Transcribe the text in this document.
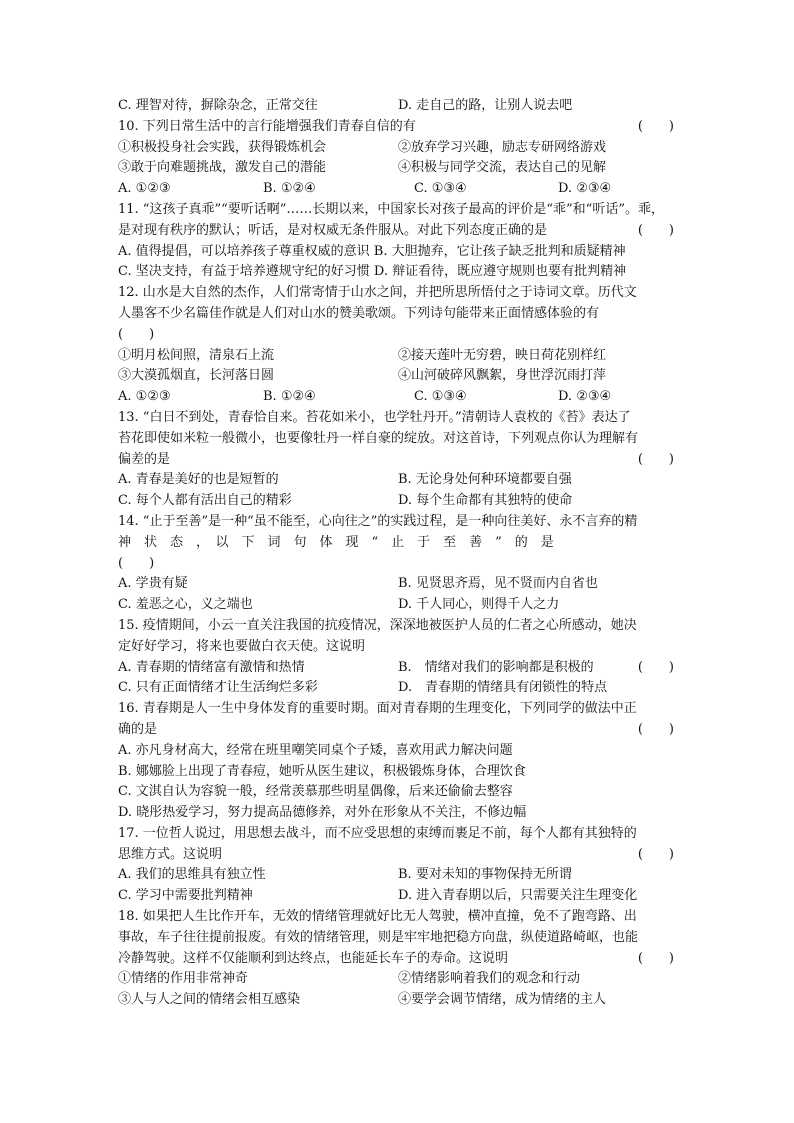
C. 理智对待，摒除杂念，正常交往	D. 走自己的路，让别人说去吧
10. 下列日常生活中的言行能增强我们青春自信的有	(　　)
①积极投身社会实践，获得锻炼机会	②放弃学习兴趣，励志专研网络游戏
③敢于向难题挑战，激发自己的潜能	④积极与同学交流，表达自己的见解
A. ①②③	B. ①②④	C. ①③④	D. ②③④
11. “这孩子真乖”“要听话啊”……长期以来，中国家长对孩子最高的评价是“乖”和“听话”。乖，
是对现有秩序的默认；听话，是对权威无条件服从。对此下列态度正确的是	(　　)
A. 值得提倡，可以培养孩子尊重权威的意识 B. 大胆抛弃，它让孩子缺乏批判和质疑精神
C. 坚决支持，有益于培养遵规守纪的好习惯 D. 辩证看待，既应遵守规则也要有批判精神
12. 山水是大自然的杰作，人们常寄情于山水之间，并把所思所悟付之于诗词文章。历代文
人墨客不少名篇佳作就是人们对山水的赞美歌颂。下列诗句能带来正面情感体验的有
(　　)
①明月松间照，清泉石上流	②接天莲叶无穷碧，映日荷花别样红
③大漠孤烟直，长河落日圆	④山河破碎风飘絮，身世浮沉雨打萍
A. ①②③	B. ①②④	C. ①③④	D. ②③④
13. “白日不到处，青春恰自来。苔花如米小，也学牡丹开。”清朝诗人袁枚的《苔》表达了
苔花即使如米粒一般微小，也要像牡丹一样自豪的绽放。对这首诗，下列观点你认为理解有
偏差的是	(　　)
A. 青春是美好的也是短暂的	B. 无论身处何种环境都要自强
C. 每个人都有活出自己的精彩	D. 每个生命都有其独特的使命
14. “止于至善”是一种“虽不能至，心向往之”的实践过程，是一种向往美好、永不言弃的精
神　状　态　，　以　下　词　句　体　现　“　止　于　至　善　”　的　是
(　　)
A. 学贵有疑	B. 见贤思齐焉，见不贤而内自省也
C. 羞恶之心，义之端也	D. 千人同心，则得千人之力
15. 疫情期间，小云一直关注我国的抗疫情况，深深地被医护人员的仁者之心所感动，她决
定好好学习，将来也要做白衣天使。这说明
A. 青春期的情绪富有激情和热情	B.　情绪对我们的影响都是积极的	(　　)
C. 只有正面情绪才让生活绚烂多彩	D.　青春期的情绪具有闭锁性的特点
16. 青春期是人一生中身体发育的重要时期。面对青春期的生理变化，下列同学的做法中正
确的是	(　　)
A. 亦凡身材高大，经常在班里嘲笑同桌个子矮，喜欢用武力解决问题
B. 娜娜脸上出现了青春痘，她听从医生建议，积极锻炼身体，合理饮食
C. 文淇自认为容貌一般，经常羡慕那些明星偶像，后来还偷偷去整容
D. 晓彤热爱学习，努力提高品德修养，对外在形象从不关注，不修边幅
17. 一位哲人说过，用思想去战斗，而不应受思想的束缚而裹足不前，每个人都有其独特的
思维方式。这说明	(　　)
A. 我们的思维具有独立性	B. 要对未知的事物保持无所谓
C. 学习中需要批判精神	D. 进入青春期以后，只需要关注生理变化
18. 如果把人生比作开车，无效的情绪管理就好比无人驾驶，横冲直撞，免不了跑弯路、出
事故，车子往往提前报废。有效的情绪管理，则是牢牢地把稳方向盘，纵使道路崎岖，也能
冷静驾驶。这样不仅能顺利到达终点，也能延长车子的寿命。这说明	(　　)
①情绪的作用非常神奇	②情绪影响着我们的观念和行动
③人与人之间的情绪会相互感染	④要学会调节情绪，成为情绪的主人
